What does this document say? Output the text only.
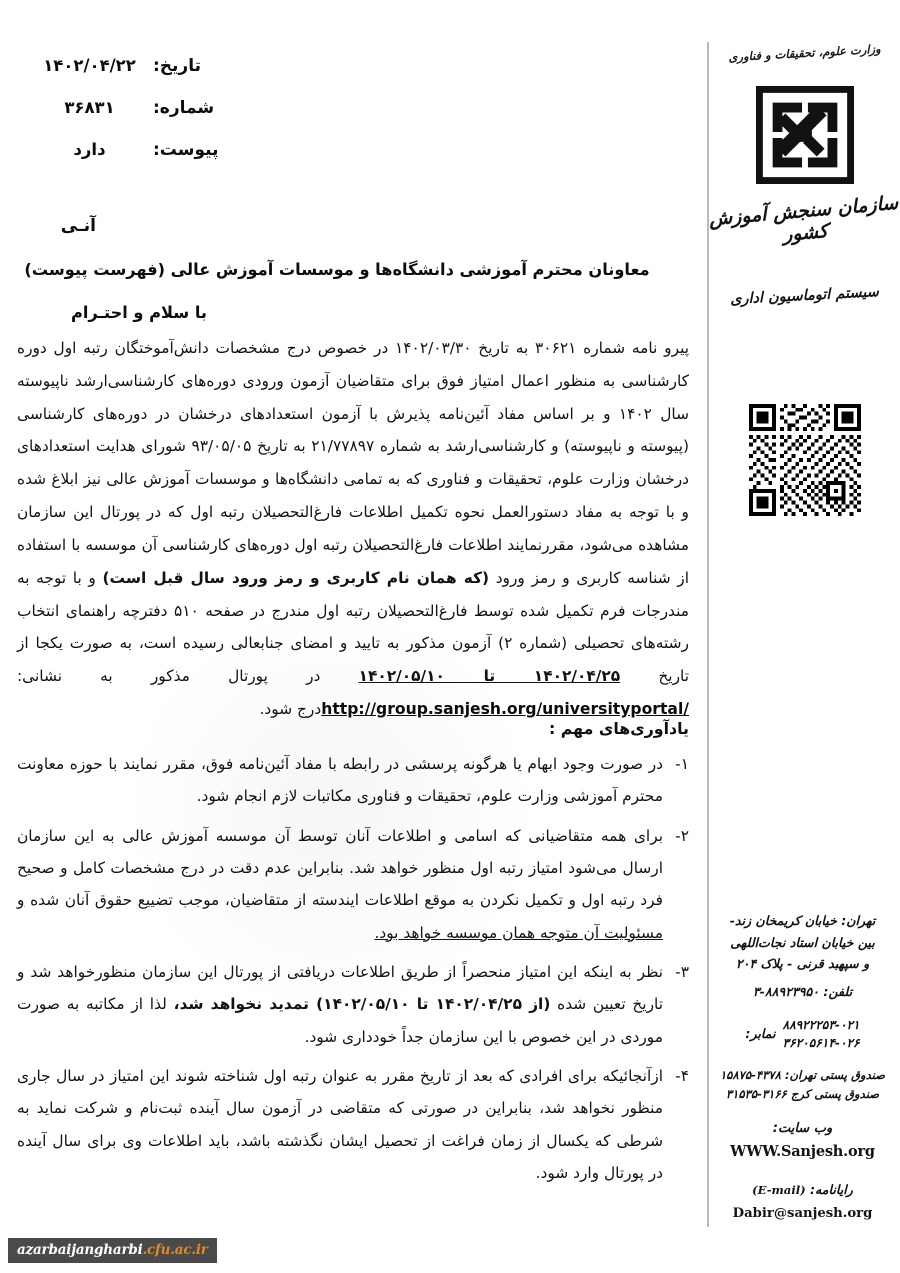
وزارت علوم، تحقیقات و فناوری
سازمان سنجش آموزش کشور
سیستم اتوماسیون اداری
تهران: خیابان کریمخان زند-
بین خیابان استاد نجات‌اللهی
و سپهبد قرنی - پلاک ۲۰۴
تلفن: ۸۸۹۲۳۹۵۰-۳
نمابر:
۸۸۹۲۲۲۵۳-۰۲۱
۳۶۲۰۵۶۱۴-۰۲۶
صندوق پستی تهران: ۴۳۷۸-۱۵۸۷۵
صندوق پستی کرج ۳۱۶۶-۳۱۵۳۵
وب سایت:
WWW.Sanjesh.org
رایانامه: (E-mail)
Dabir@sanjesh.org
تاریخ:
۱۴۰۲/۰۴/۲۲
شماره:
۳۶۸۳۱
پیوست:
دارد
آنـی
معاونان محترم آموزشی دانشگاه‌ها و موسسات آموزش عالی (فهرست پیوست)
با سلام و احتـرام
پیرو نامه شماره ۳۰۶۲۱ به تاریخ ۱۴۰۲/۰۳/۳۰ در خصوص درج مشخصات دانش‌آموختگان رتبه اول دوره کارشناسی به منظور اعمال امتیاز فوق برای متقاضیان آزمون ورودی دوره‌های کارشناسی‌ارشد ناپیوسته سال ۱۴۰۲ و بر اساس مفاد آئین‌نامه پذیرش با آزمون استعدادهای درخشان در دوره‌های کارشناسی (پیوسته و ناپیوسته) و کارشناسی‌ارشد به شماره ۲۱/۷۷۸۹۷ به تاریخ ۹۳/۰۵/۰۵ شورای هدایت استعدادهای درخشان وزارت علوم، تحقیقات و فناوری که به تمامی دانشگاه‌ها و موسسات آموزش عالی نیز ابلاغ شده و با توجه به مفاد دستورالعمل نحوه تکمیل اطلاعات فارغ‌التحصیلان رتبه اول که در پورتال این سازمان مشاهده می‌شود، مقررنمایند اطلاعات فارغ‌التحصیلان رتبه اول دوره‌های کارشناسی آن موسسه با استفاده از شناسه کاربری و رمز ورود (که همان نام کاربری و رمز ورود سال قبل است) و با توجه به مندرجات فرم تکمیل شده توسط فارغ‌التحصیلان رتبه اول مندرج در صفحه ۵۱۰ دفترچه راهنمای انتخاب رشته‌های تحصیلی (شماره ۲) آزمون مذکور به تایید و امضای جنابعالی رسیده است، به صورت یکجا از تاریخ ۱۴۰۲/۰۴/۲۵ تا ۱۴۰۲/۰۵/۱۰ در پورتال مذکور به نشانی: http://group.sanjesh.org/universityportal/درج شود.
یادآوری‌های مهم :
۱-
در صورت وجود ابهام یا هرگونه پرسشی در رابطه با مفاد آئین‌نامه فوق، مقرر نمایند با حوزه معاونت محترم آموزشی وزارت علوم، تحقیقات و فناوری مکاتبات لازم انجام شود.
۲-
برای همه متقاضیانی که اسامی و اطلاعات آنان توسط آن موسسه آموزش عالی به این سازمان ارسال می‌شود امتیاز رتبه اول منظور خواهد شد. بنابراین عدم دقت در درج مشخصات کامل و صحیح فرد رتبه اول و تکمیل نکردن به موقع اطلاعات ایندسته از متقاضیان، موجب تضییع حقوق آنان شده و مسئولیت آن متوجه همان موسسه خواهد بود.
۳-
نظر به اینکه این امتیاز منحصراً از طریق اطلاعات دریافتی از پورتال این سازمان منظورخواهد شد و تاریخ تعیین شده (از ۱۴۰۲/۰۴/۲۵ تا ۱۴۰۲/۰۵/۱۰) تمدید نخواهد شد، لذا از مکاتبه به صورت موردی در این خصوص با این سازمان جداً خودداری شود.
۴-
ازآنجائیکه برای افرادی که بعد از تاریخ مقرر به عنوان رتبه اول شناخته شوند این امتیاز در سال جاری منظور نخواهد شد، بنابراین در صورتی که متقاضی در آزمون سال آینده ثبت‌نام و شرکت نماید به شرطی که یکسال از زمان فراغت از تحصیل ایشان نگذشته باشد، باید اطلاعات وی برای سال آینده در پورتال وارد شود.
azarbaijangharbi.cfu.ac.ir
